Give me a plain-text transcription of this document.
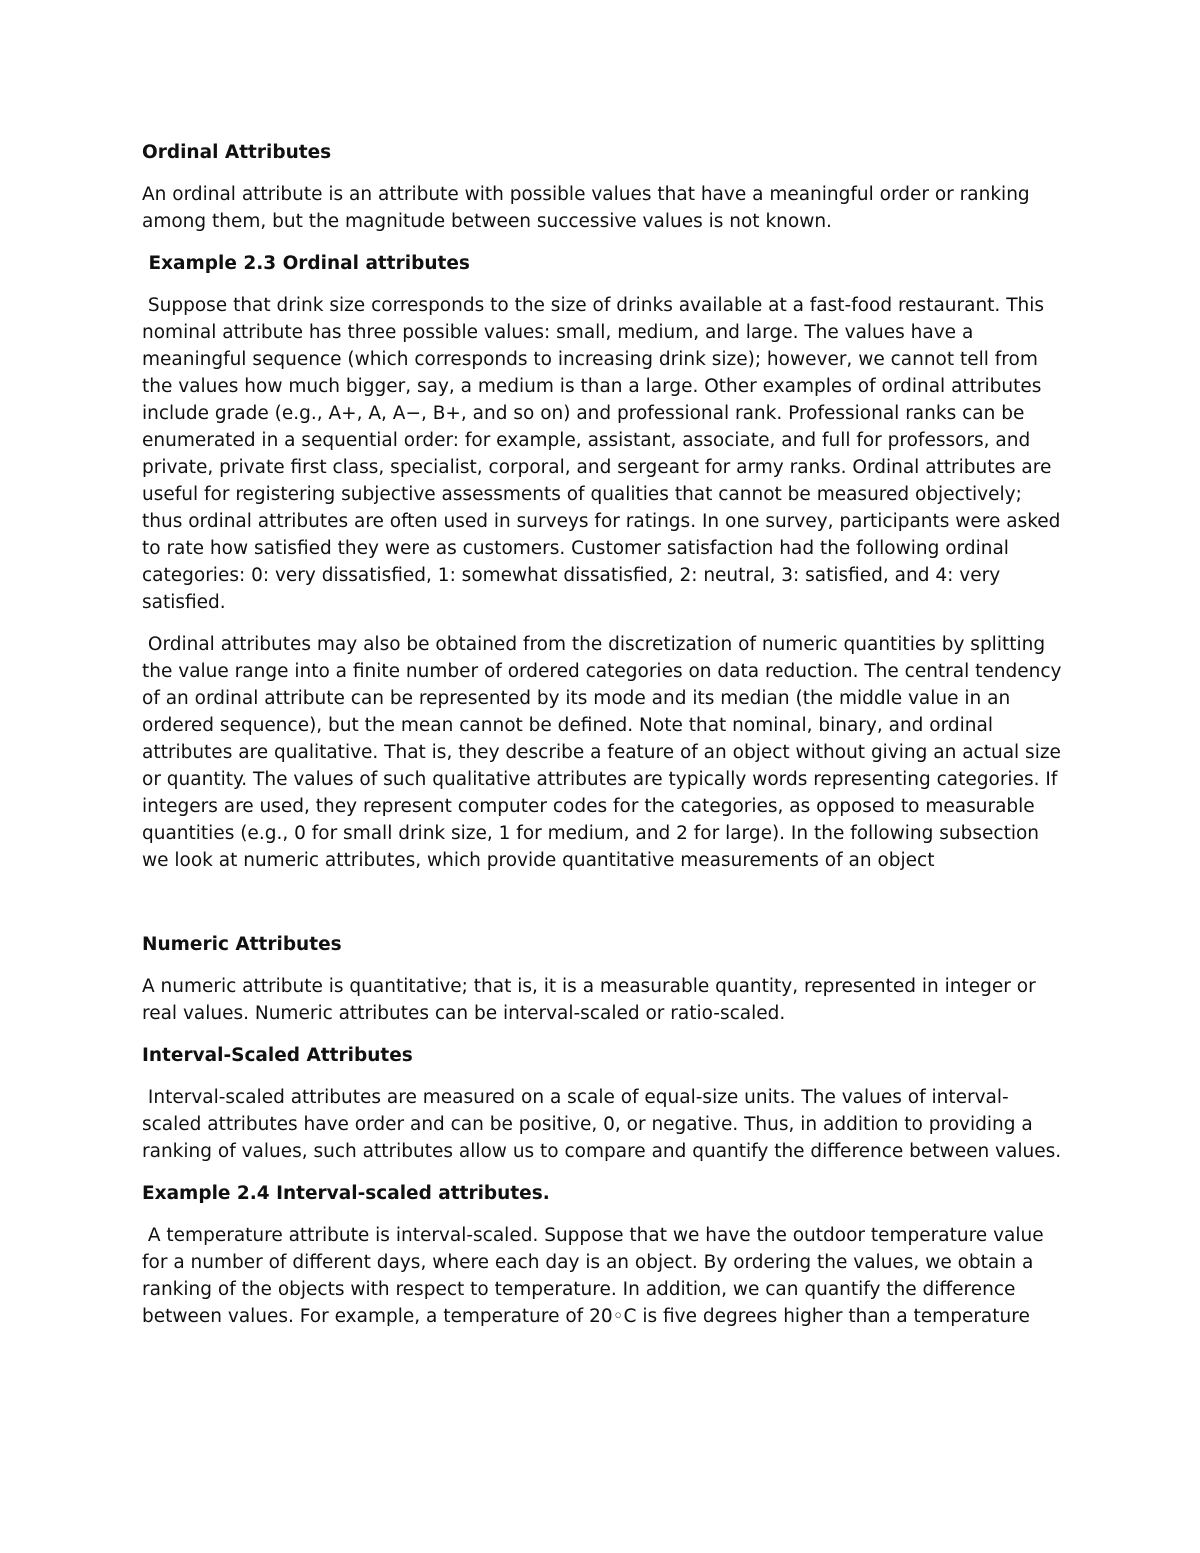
Ordinal Attributes

An ordinal attribute is an attribute with possible values that have a meaningful order or ranking among them, but the magnitude between successive values is not known.

Example 2.3 Ordinal attributes

Suppose that drink size corresponds to the size of drinks available at a fast-food restaurant. This nominal attribute has three possible values: small, medium, and large. The values have a meaningful sequence (which corresponds to increasing drink size); however, we cannot tell from the values how much bigger, say, a medium is than a large. Other examples of ordinal attributes include grade (e.g., A+, A, A−, B+, and so on) and professional rank. Professional ranks can be enumerated in a sequential order: for example, assistant, associate, and full for professors, and private, private first class, specialist, corporal, and sergeant for army ranks. Ordinal attributes are useful for registering subjective assessments of qualities that cannot be measured objectively; thus ordinal attributes are often used in surveys for ratings. In one survey, participants were asked to rate how satisfied they were as customers. Customer satisfaction had the following ordinal categories: 0: very dissatisfied, 1: somewhat dissatisfied, 2: neutral, 3: satisfied, and 4: very satisfied.

Ordinal attributes may also be obtained from the discretization of numeric quantities by splitting the value range into a finite number of ordered categories on data reduction. The central tendency of an ordinal attribute can be represented by its mode and its median (the middle value in an ordered sequence), but the mean cannot be defined. Note that nominal, binary, and ordinal attributes are qualitative. That is, they describe a feature of an object without giving an actual size or quantity. The values of such qualitative attributes are typically words representing categories. If integers are used, they represent computer codes for the categories, as opposed to measurable quantities (e.g., 0 for small drink size, 1 for medium, and 2 for large). In the following subsection we look at numeric attributes, which provide quantitative measurements of an object

Numeric Attributes

A numeric attribute is quantitative; that is, it is a measurable quantity, represented in integer or real values. Numeric attributes can be interval-scaled or ratio-scaled.

Interval-Scaled Attributes

Interval-scaled attributes are measured on a scale of equal-size units. The values of interval-scaled attributes have order and can be positive, 0, or negative. Thus, in addition to providing a ranking of values, such attributes allow us to compare and quantify the difference between values.

Example 2.4 Interval-scaled attributes.

A temperature attribute is interval-scaled. Suppose that we have the outdoor temperature value for a number of different days, where each day is an object. By ordering the values, we obtain a ranking of the objects with respect to temperature. In addition, we can quantify the difference between values. For example, a temperature of 20◦C is five degrees higher than a temperature
